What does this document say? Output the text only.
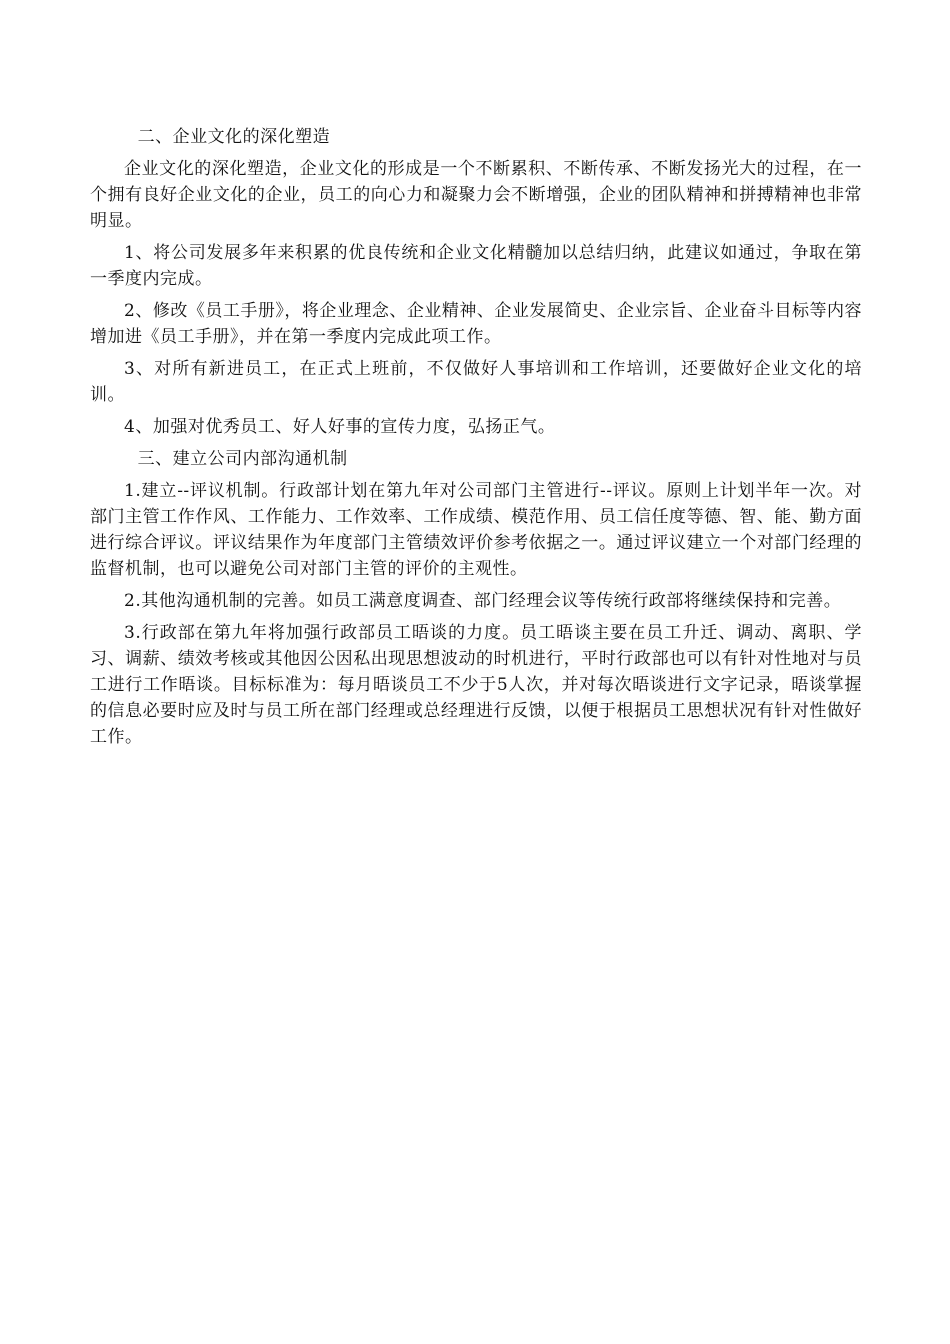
二、企业文化的深化塑造

企业文化的深化塑造，企业文化的形成是一个不断累积、不断传承、不断发扬光大的过程，在一个拥有良好企业文化的企业，员工的向心力和凝聚力会不断增强，企业的团队精神和拼搏精神也非常明显。

1、将公司发展多年来积累的优良传统和企业文化精髓加以总结归纳，此建议如通过，争取在第一季度内完成。

2、修改《员工手册》，将企业理念、企业精神、企业发展简史、企业宗旨、企业奋斗目标等内容增加进《员工手册》，并在第一季度内完成此项工作。

3、对所有新进员工，在正式上班前，不仅做好人事培训和工作培训，还要做好企业文化的培训。

4、加强对优秀员工、好人好事的宣传力度，弘扬正气。

三、建立公司内部沟通机制

1.建立--评议机制。行政部计划在第九年对公司部门主管进行--评议。原则上计划半年一次。对部门主管工作作风、工作能力、工作效率、工作成绩、模范作用、员工信任度等德、智、能、勤方面进行综合评议。评议结果作为年度部门主管绩效评价参考依据之一。通过评议建立一个对部门经理的监督机制，也可以避免公司对部门主管的评价的主观性。

2.其他沟通机制的完善。如员工满意度调查、部门经理会议等传统行政部将继续保持和完善。

3.行政部在第九年将加强行政部员工晤谈的力度。员工晤谈主要在员工升迁、调动、离职、学习、调薪、绩效考核或其他因公因私出现思想波动的时机进行，平时行政部也可以有针对性地对与员工进行工作晤谈。目标标准为：每月晤谈员工不少于5人次，并对每次晤谈进行文字记录，晤谈掌握的信息必要时应及时与员工所在部门经理或总经理进行反馈，以便于根据员工思想状况有针对性做好工作。
